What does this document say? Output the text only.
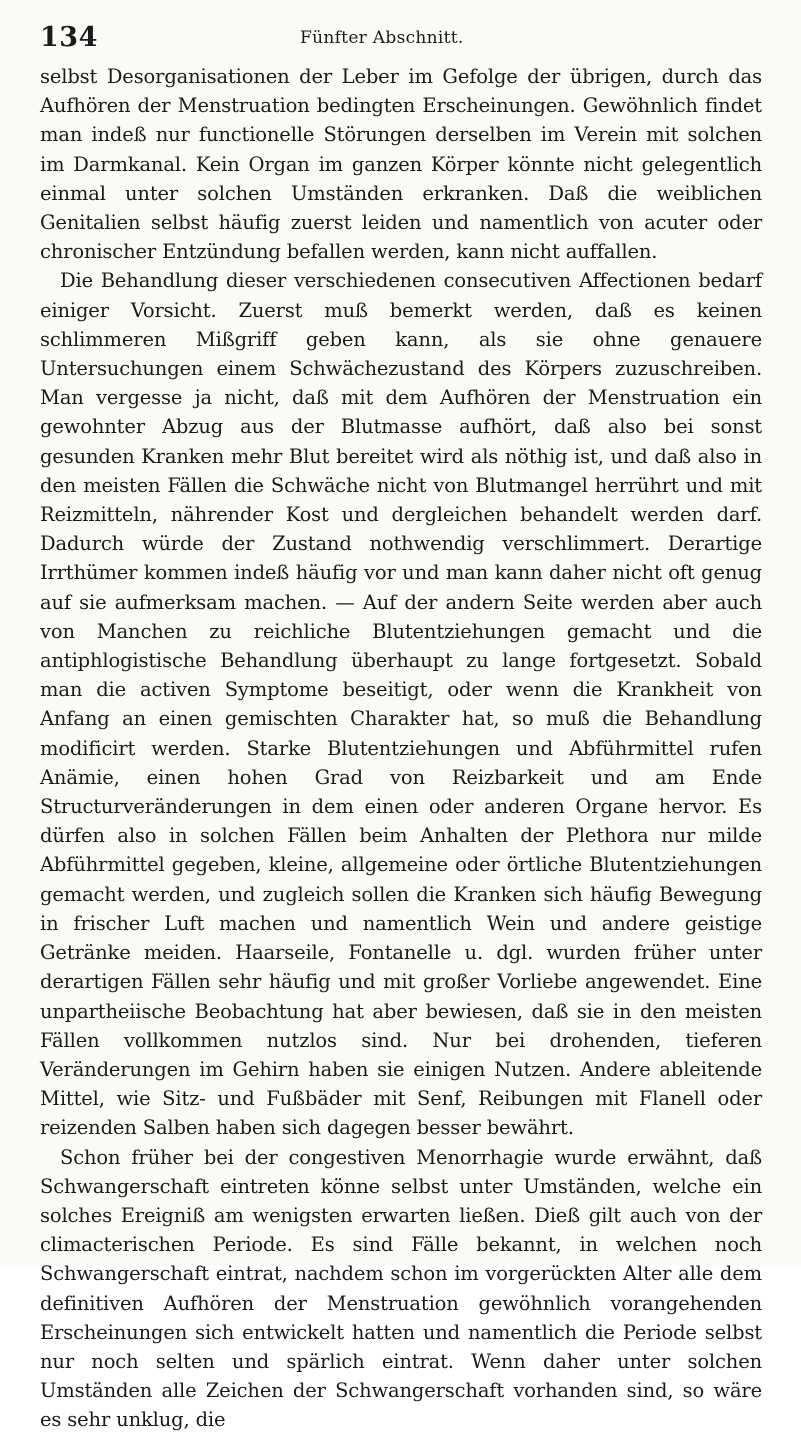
134	Fünfter Abschnitt.

selbst Desorganisationen der Leber im Gefolge der übrigen, durch das Aufhören der Menstruation bedingten Erscheinungen. Gewöhnlich findet man indeß nur functionelle Störungen derselben im Verein mit solchen im Darmkanal. Kein Organ im ganzen Körper könnte nicht gelegentlich einmal unter solchen Umständen erkranken. Daß die weiblichen Genitalien selbst häufig zuerst leiden und namentlich von acuter oder chronischer Entzündung befallen werden, kann nicht auffallen.

Die Behandlung dieser verschiedenen consecutiven Affectionen bedarf einiger Vorsicht. Zuerst muß bemerkt werden, daß es keinen schlimmeren Mißgriff geben kann, als sie ohne genauere Untersuchungen einem Schwächezustand des Körpers zuzuschreiben. Man vergesse ja nicht, daß mit dem Aufhören der Menstruation ein gewohnter Abzug aus der Blutmasse aufhört, daß also bei sonst gesunden Kranken mehr Blut bereitet wird als nöthig ist, und daß also in den meisten Fällen die Schwäche nicht von Blutmangel herrührt und mit Reizmitteln, nährender Kost und dergleichen behandelt werden darf. Dadurch würde der Zustand nothwendig verschlimmert. Derartige Irrthümer kommen indeß häufig vor und man kann daher nicht oft genug auf sie aufmerksam machen. — Auf der andern Seite werden aber auch von Manchen zu reichliche Blutentziehungen gemacht und die antiphlogistische Behandlung überhaupt zu lange fortgesetzt. Sobald man die activen Symptome beseitigt, oder wenn die Krankheit von Anfang an einen gemischten Charakter hat, so muß die Behandlung modificirt werden. Starke Blutentziehungen und Abführmittel rufen Anämie, einen hohen Grad von Reizbarkeit und am Ende Structurveränderungen in dem einen oder anderen Organe hervor. Es dürfen also in solchen Fällen beim Anhalten der Plethora nur milde Abführmittel gegeben, kleine, allgemeine oder örtliche Blutentziehungen gemacht werden, und zugleich sollen die Kranken sich häufig Bewegung in frischer Luft machen und namentlich Wein und andere geistige Getränke meiden. Haarseile, Fontanelle u. dgl. wurden früher unter derartigen Fällen sehr häufig und mit großer Vorliebe angewendet. Eine unpartheiische Beobachtung hat aber bewiesen, daß sie in den meisten Fällen vollkommen nutzlos sind. Nur bei drohenden, tieferen Veränderungen im Gehirn haben sie einigen Nutzen. Andere ableitende Mittel, wie Sitz- und Fußbäder mit Senf, Reibungen mit Flanell oder reizenden Salben haben sich dagegen besser bewährt.

Schon früher bei der congestiven Menorrhagie wurde erwähnt, daß Schwangerschaft eintreten könne selbst unter Umständen, welche ein solches Ereigniß am wenigsten erwarten ließen. Dieß gilt auch von der climacterischen Periode. Es sind Fälle bekannt, in welchen noch Schwangerschaft eintrat, nachdem schon im vorgerückten Alter alle dem definitiven Aufhören der Menstruation gewöhnlich vorangehenden Erscheinungen sich entwickelt hatten und namentlich die Periode selbst nur noch selten und spärlich eintrat. Wenn daher unter solchen Umständen alle Zeichen der Schwangerschaft vorhanden sind, so wäre es sehr unklug, die
